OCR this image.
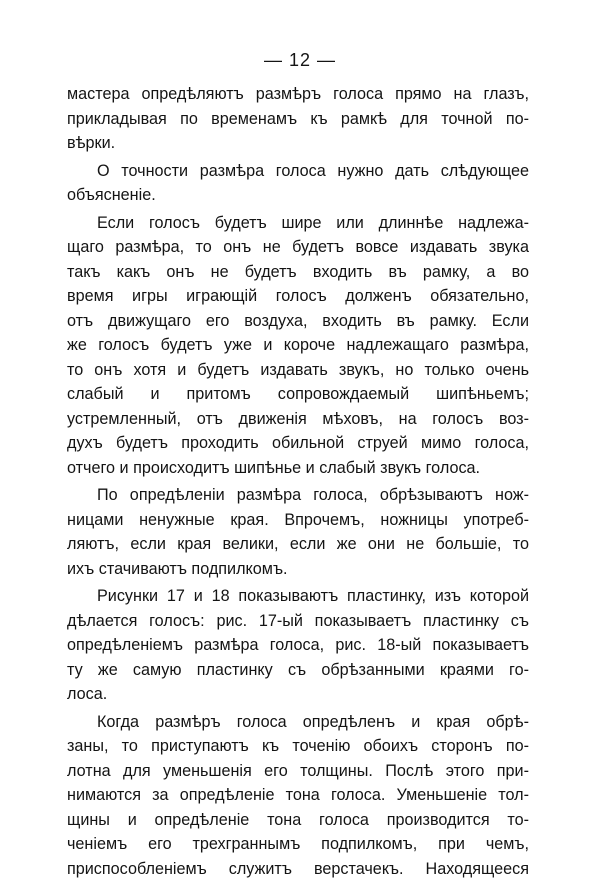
— 12 —
мастера опредѣляютъ размѣръ голоса прямо на глазъ,
прикладывая по временамъ къ рамкѣ для точной по-
вѣрки.
О точности размѣра голоса нужно дать слѣдующее
объясненіе.
Если голосъ будетъ шире или длиннѣе надлежа-
щаго размѣра, то онъ не будетъ вовсе издавать звука
такъ какъ онъ не будетъ входить въ рамку, а во
время игры играющій голосъ долженъ обязательно,
отъ движущаго его воздуха, входить въ рамку. Если
же голосъ будетъ уже и короче надлежащаго размѣра,
то онъ хотя и будетъ издавать звукъ, но только очень
слабый и притомъ сопровождаемый шипѣньемъ;
устремленный, отъ движенія мѣховъ, на голосъ воз-
духъ будетъ проходить обильной струей мимо голоса,
отчего и происходитъ шипѣнье и слабый звукъ голоса.
По опредѣленіи размѣра голоса, обрѣзываютъ нож-
ницами ненужные края. Впрочемъ, ножницы употреб-
ляютъ, если края велики, если же они не большіе, то
ихъ стачиваютъ подпилкомъ.
Рисунки 17 и 18 показываютъ пластинку, изъ которой
дѣлается голосъ: рис. 17-ый показываетъ пластинку съ
опредѣленіемъ размѣра голоса, рис. 18-ый показываетъ
ту же самую пластинку съ обрѣзанными краями го-
лоса.
Когда размѣръ голоса опредѣленъ и края обрѣ-
заны, то приступаютъ къ точенію обоихъ сторонъ по-
лотна для уменьшенія его толщины. Послѣ этого при-
нимаются за опредѣленіе тона голоса. Уменьшеніе тол-
щины и опредѣленіе тона голоса производится то-
ченіемъ его трехграннымъ подпилкомъ, при чемъ,
приспособленіемъ служитъ верстачекъ. Находящееся
